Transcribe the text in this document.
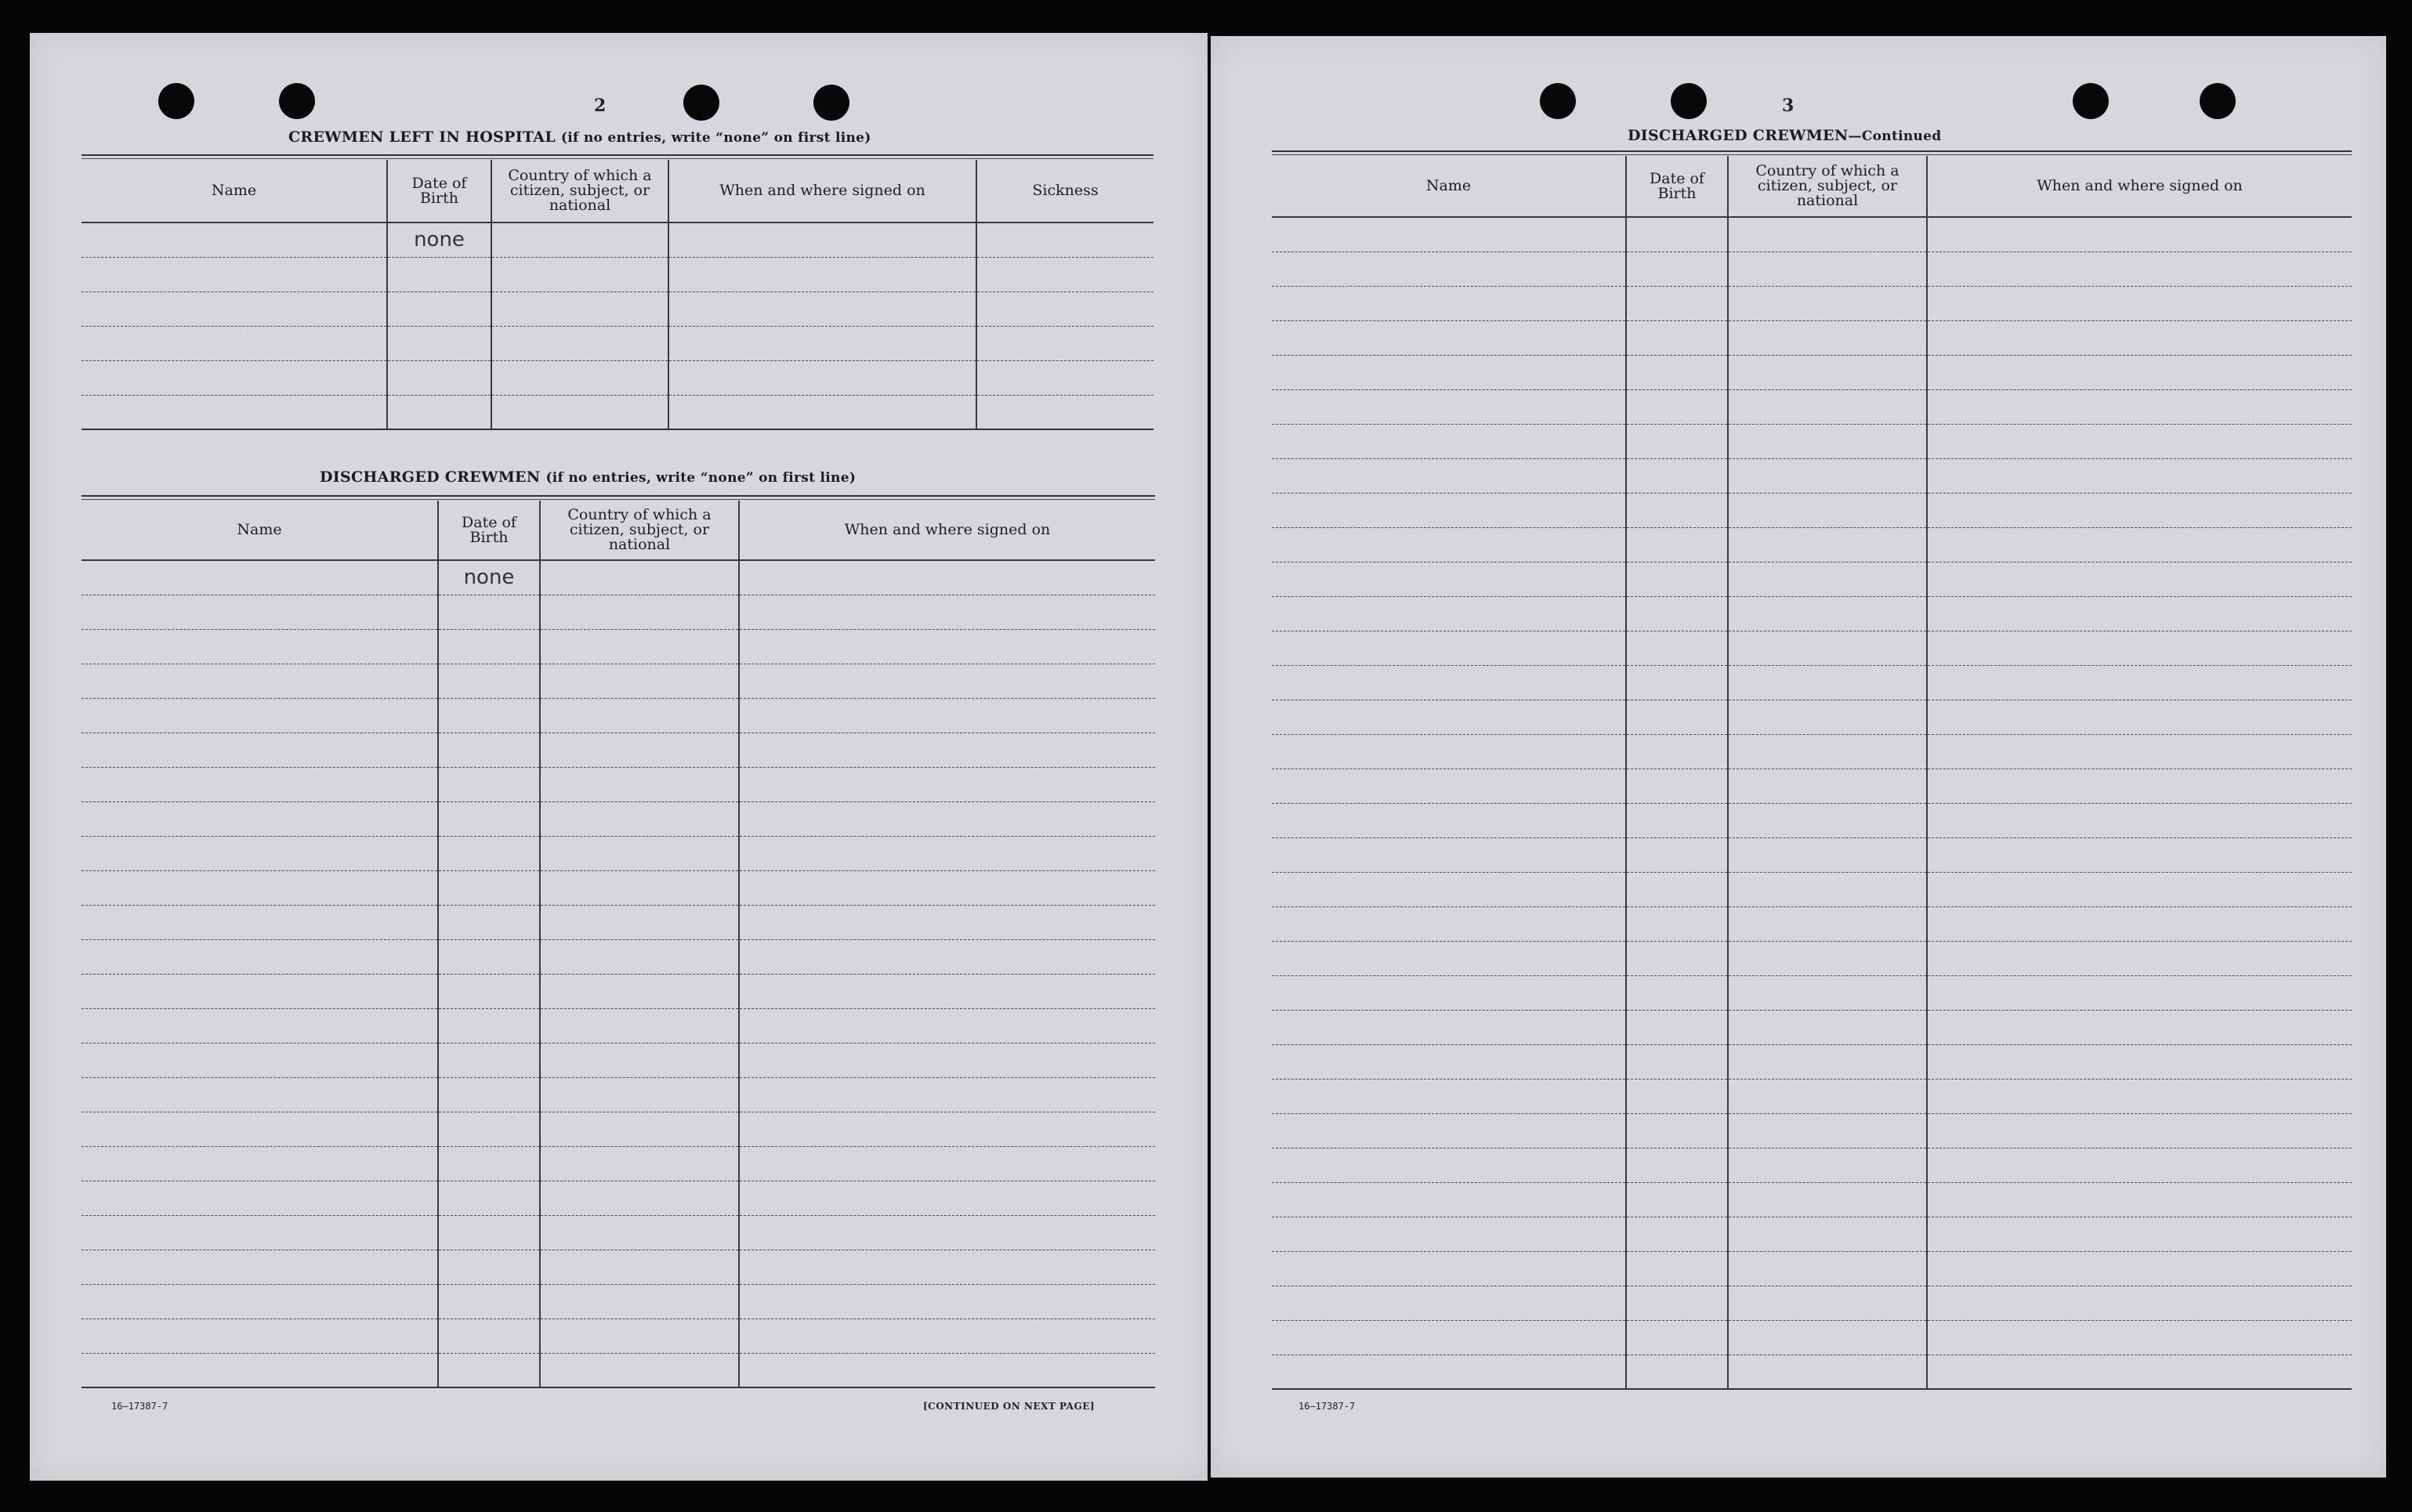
2
CREWMEN LEFT IN HOSPITAL (if no entries, write “none” on first line)
Name	Date of Birth	Country of which a citizen, subject, or national	When and where signed on	Sickness
	none			

DISCHARGED CREWMEN (if no entries, write “none” on first line)
Name	Date of Birth	Country of which a citizen, subject, or national	When and where signed on
	none		

16—17387-7	[CONTINUED ON NEXT PAGE]
3
DISCHARGED CREWMEN—Continued
Name	Date of Birth	Country of which a citizen, subject, or national	When and where signed on

16—17387-7
